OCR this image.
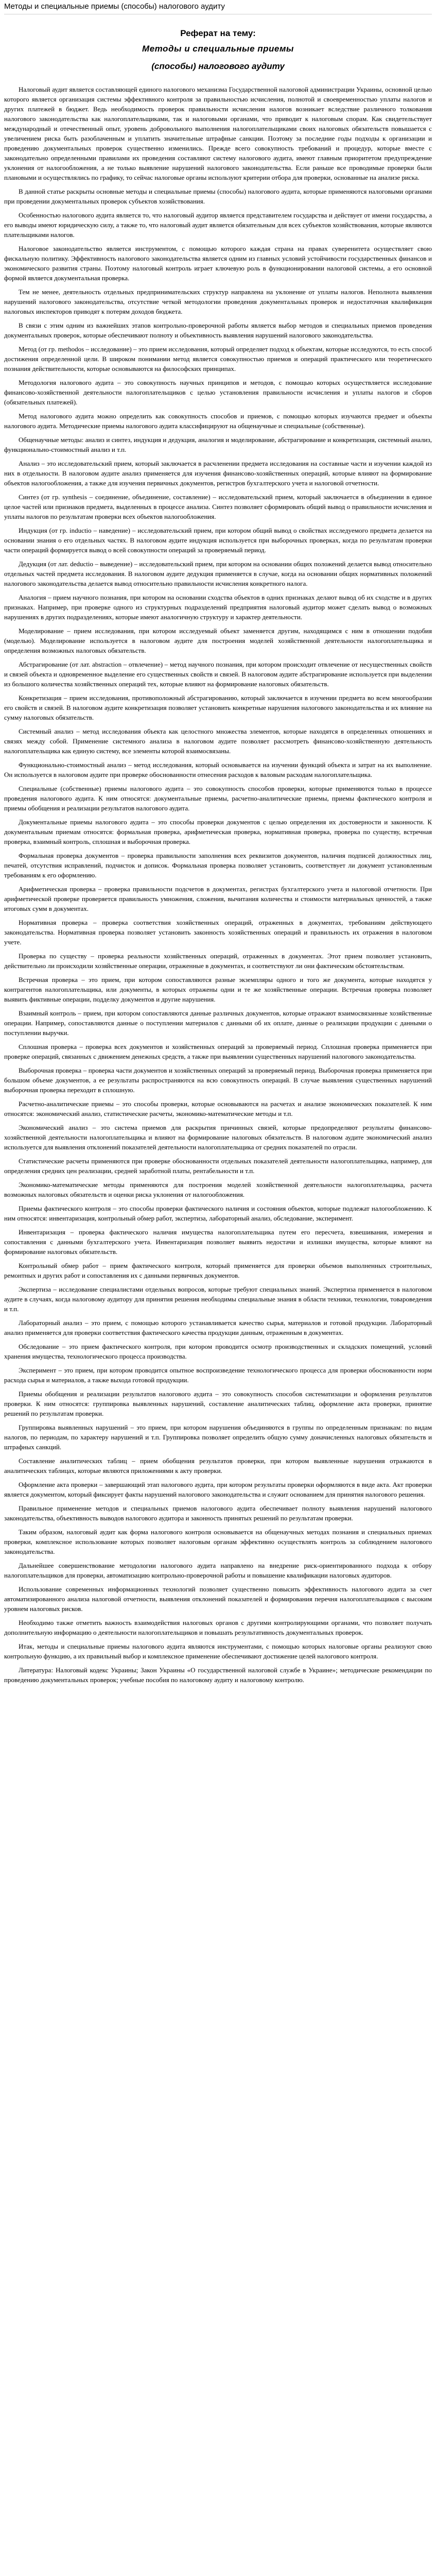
Методы и специальные приемы (способы) налогового аудиту
Реферат на тему:
Методы и специальные приемы
(способы) налогового аудиту

Налоговый аудит является составляющей единого налогового механизма Государственной налоговой администрации Украины, основной целью которого является организация системы эффективного контроля за правильностью исчисления, полнотой и своевременностью уплаты налогов и других платежей в бюджет. Ведь необходимость проверок правильности исчисления налогов возникает вследствие различного толкования налогового законодательства как налогоплательщиками, так и налоговыми органами, что приводит к налоговым спорам. Как свидетельствует международный и отечественный опыт, уровень добровольного выполнения налогоплательщиками своих налоговых обязательств повышается с увеличением риска быть разоблаченным и уплатить значительные штрафные санкции. Поэтому за последние годы подходы к организации и проведению документальных проверок существенно изменились. Прежде всего совокупность требований и процедур, которые вместе с законодательно определенными правилами их проведения составляют систему налогового аудита, имеют главным приоритетом предупреждение уклонения от налогообложения, а не только выявление нарушений налогового законодательства. Если раньше все проводимые проверки были плановыми и осуществлялись по графику, то сейчас налоговые органы используют критерии отбора для проверки, основанные на анализе риска.

В данной статье раскрыты основные методы и специальные приемы (способы) налогового аудита, которые применяются налоговыми органами при проведении документальных проверок субъектов хозяйствования.

Особенностью налогового аудита является то, что налоговый аудитор является представителем государства и действует от имени государства, а его выводы имеют юридическую силу, а также то, что налоговый аудит является обязательным для всех субъектов хозяйствования, которые являются плательщиками налогов.

Налоговое законодательство является инструментом, с помощью которого каждая страна на правах суверенитета осуществляет свою фискальную политику. Эффективность налогового законодательства является одним из главных условий устойчивости государственных финансов и экономического развития страны. Поэтому налоговый контроль играет ключевую роль в функционировании налоговой системы, а его основной формой является документальная проверка.

Тем не менее, деятельность отдельных предпринимательских структур направлена на уклонение от уплаты налогов. Неполнота выявления нарушений налогового законодательства, отсутствие четкой методологии проведения документальных проверок и недостаточная квалификация налоговых инспекторов приводят к потерям доходов бюджета.

В связи с этим одним из важнейших этапов контрольно-проверочной работы является выбор методов и специальных приемов проведения документальных проверок, которые обеспечивают полноту и объективность выявления нарушений налогового законодательства.

Метод (от гр. methodos – исследование) – это прием исследования, который определяет подход к объектам, которые исследуются, то есть способ достижения определенной цели. В широком понимании метод является совокупностью приемов и операций практического или теоретического познания действительности, которые основываются на философских принципах.

Методология налогового аудита – это совокупность научных принципов и методов, с помощью которых осуществляется исследование финансово-хозяйственной деятельности налогоплательщиков с целью установления правильности исчисления и уплаты налогов и сборов (обязательных платежей).

Метод налогового аудита можно определить как совокупность способов и приемов, с помощью которых изучаются предмет и объекты налогового аудита. Методические приемы налогового аудита классифицируют на общенаучные и специальные (собственные).

Общенаучные методы: анализ и синтез, индукция и дедукция, аналогия и моделирование, абстрагирование и конкретизация, системный анализ, функционально-стоимостный анализ и т.п.

Анализ – это исследовательский прием, который заключается в расчленении предмета исследования на составные части и изучении каждой из них в отдельности. В налоговом аудите анализ применяется для изучения финансово-хозяйственных операций, которые влияют на формирование объектов налогообложения, а также для изучения первичных документов, регистров бухгалтерского учета и налоговой отчетности.

Синтез (от гр. synthesis – соединение, объединение, составление) – исследовательский прием, который заключается в объединении в единое целое частей или признаков предмета, выделенных в процессе анализа. Синтез позволяет сформировать общий вывод о правильности исчисления и уплаты налогов по результатам проверки всех объектов налогообложения.

Индукция (от гр. inductio – наведение) – исследовательский прием, при котором общий вывод о свойствах исследуемого предмета делается на основании знания о его отдельных частях. В налоговом аудите индукция используется при выборочных проверках, когда по результатам проверки части операций формируется вывод о всей совокупности операций за проверяемый период.

Дедукция (от лат. deductio – выведение) – исследовательский прием, при котором на основании общих положений делается вывод относительно отдельных частей предмета исследования. В налоговом аудите дедукция применяется в случае, когда на основании общих нормативных положений налогового законодательства делается вывод относительно правильности исчисления конкретного налога.

Аналогия – прием научного познания, при котором на основании сходства объектов в одних признаках делают вывод об их сходстве и в других признаках. Например, при проверке одного из структурных подразделений предприятия налоговый аудитор может сделать вывод о возможных нарушениях в других подразделениях, которые имеют аналогичную структуру и характер деятельности.

Моделирование – прием исследования, при котором исследуемый объект заменяется другим, находящимся с ним в отношении подобия (моделью). Моделирование используется в налоговом аудите для построения моделей хозяйственной деятельности налогоплательщика и определения возможных налоговых обязательств.

Абстрагирование (от лат. abstraction – отвлечение) – метод научного познания, при котором происходит отвлечение от несущественных свойств и связей объекта и одновременное выделение его существенных свойств и связей. В налоговом аудите абстрагирование используется при выделении из большого количества хозяйственных операций тех, которые влияют на формирование налоговых обязательств.

Конкретизация – прием исследования, противоположный абстрагированию, который заключается в изучении предмета во всем многообразии его свойств и связей. В налоговом аудите конкретизация позволяет установить конкретные нарушения налогового законодательства и их влияние на сумму налоговых обязательств.

Системный анализ – метод исследования объекта как целостного множества элементов, которые находятся в определенных отношениях и связях между собой. Применение системного анализа в налоговом аудите позволяет рассмотреть финансово-хозяйственную деятельность налогоплательщика как единую систему, все элементы которой взаимосвязаны.

Функционально-стоимостный анализ – метод исследования, который основывается на изучении функций объекта и затрат на их выполнение. Он используется в налоговом аудите при проверке обоснованности отнесения расходов к валовым расходам налогоплательщика.

Специальные (собственные) приемы налогового аудита – это совокупность способов проверки, которые применяются только в процессе проведения налогового аудита. К ним относятся: документальные приемы, расчетно-аналитические приемы, приемы фактического контроля и приемы обобщения и реализации результатов налогового аудита.

Документальные приемы налогового аудита – это способы проверки документов с целью определения их достоверности и законности. К документальным приемам относятся: формальная проверка, арифметическая проверка, нормативная проверка, проверка по существу, встречная проверка, взаимный контроль, сплошная и выборочная проверка.

Формальная проверка документов – проверка правильности заполнения всех реквизитов документов, наличия подписей должностных лиц, печатей, отсутствия исправлений, подчисток и дописок. Формальная проверка позволяет установить, соответствует ли документ установленным требованиям к его оформлению.

Арифметическая проверка – проверка правильности подсчетов в документах, регистрах бухгалтерского учета и налоговой отчетности. При арифметической проверке проверяется правильность умножения, сложения, вычитания количества и стоимости материальных ценностей, а также итоговых сумм в документах.

Нормативная проверка – проверка соответствия хозяйственных операций, отраженных в документах, требованиям действующего законодательства. Нормативная проверка позволяет установить законность хозяйственных операций и правильность их отражения в налоговом учете.

Проверка по существу – проверка реальности хозяйственных операций, отраженных в документах. Этот прием позволяет установить, действительно ли происходили хозяйственные операции, отраженные в документах, и соответствуют ли они фактическим обстоятельствам.

Встречная проверка – это прием, при котором сопоставляются разные экземпляры одного и того же документа, которые находятся у контрагентов налогоплательщика, или документы, в которых отражены одни и те же хозяйственные операции. Встречная проверка позволяет выявить фиктивные операции, подделку документов и другие нарушения.

Взаимный контроль – прием, при котором сопоставляются данные различных документов, которые отражают взаимосвязанные хозяйственные операции. Например, сопоставляются данные о поступлении материалов с данными об их оплате, данные о реализации продукции с данными о поступлении выручки.

Сплошная проверка – проверка всех документов и хозяйственных операций за проверяемый период. Сплошная проверка применяется при проверке операций, связанных с движением денежных средств, а также при выявлении существенных нарушений налогового законодательства.

Выборочная проверка – проверка части документов и хозяйственных операций за проверяемый период. Выборочная проверка применяется при большом объеме документов, а ее результаты распространяются на всю совокупность операций. В случае выявления существенных нарушений выборочная проверка переходит в сплошную.

Расчетно-аналитические приемы – это способы проверки, которые основываются на расчетах и анализе экономических показателей. К ним относятся: экономический анализ, статистические расчеты, экономико-математические методы и т.п.

Экономический анализ – это система приемов для раскрытия причинных связей, которые предопределяют результаты финансово-хозяйственной деятельности налогоплательщика и влияют на формирование налоговых обязательств. В налоговом аудите экономический анализ используется для выявления отклонений показателей деятельности налогоплательщика от средних показателей по отрасли.

Статистические расчеты применяются при проверке обоснованности отдельных показателей деятельности налогоплательщика, например, для определения средних цен реализации, средней заработной платы, рентабельности и т.п.

Экономико-математические методы применяются для построения моделей хозяйственной деятельности налогоплательщика, расчета возможных налоговых обязательств и оценки риска уклонения от налогообложения.

Приемы фактического контроля – это способы проверки фактического наличия и состояния объектов, которые подлежат налогообложению. К ним относятся: инвентаризация, контрольный обмер работ, экспертиза, лабораторный анализ, обследование, эксперимент.

Инвентаризация – проверка фактического наличия имущества налогоплательщика путем его пересчета, взвешивания, измерения и сопоставления с данными бухгалтерского учета. Инвентаризация позволяет выявить недостачи и излишки имущества, которые влияют на формирование налоговых обязательств.

Контрольный обмер работ – прием фактического контроля, который применяется для проверки объемов выполненных строительных, ремонтных и других работ и сопоставления их с данными первичных документов.

Экспертиза – исследование специалистами отдельных вопросов, которые требуют специальных знаний. Экспертиза применяется в налоговом аудите в случаях, когда налоговому аудитору для принятия решения необходимы специальные знания в области техники, технологии, товароведения и т.п.

Лабораторный анализ – это прием, с помощью которого устанавливается качество сырья, материалов и готовой продукции. Лабораторный анализ применяется для проверки соответствия фактического качества продукции данным, отраженным в документах.

Обследование – это прием фактического контроля, при котором проводится осмотр производственных и складских помещений, условий хранения имущества, технологического процесса производства.

Эксперимент – это прием, при котором проводится опытное воспроизведение технологического процесса для проверки обоснованности норм расхода сырья и материалов, а также выхода готовой продукции.

Приемы обобщения и реализации результатов налогового аудита – это совокупность способов систематизации и оформления результатов проверки. К ним относятся: группировка выявленных нарушений, составление аналитических таблиц, оформление акта проверки, принятие решений по результатам проверки.

Группировка выявленных нарушений – это прием, при котором нарушения объединяются в группы по определенным признакам: по видам налогов, по периодам, по характеру нарушений и т.п. Группировка позволяет определить общую сумму доначисленных налоговых обязательств и штрафных санкций.

Составление аналитических таблиц – прием обобщения результатов проверки, при котором выявленные нарушения отражаются в аналитических таблицах, которые являются приложениями к акту проверки.

Оформление акта проверки – завершающий этап налогового аудита, при котором результаты проверки оформляются в виде акта. Акт проверки является документом, который фиксирует факты нарушений налогового законодательства и служит основанием для принятия налогового решения.

Правильное применение методов и специальных приемов налогового аудита обеспечивает полноту выявления нарушений налогового законодательства, объективность выводов налогового аудитора и законность принятых решений по результатам проверки.

Таким образом, налоговый аудит как форма налогового контроля основывается на общенаучных методах познания и специальных приемах проверки, комплексное использование которых позволяет налоговым органам эффективно осуществлять контроль за соблюдением налогового законодательства.

Дальнейшее совершенствование методологии налогового аудита направлено на внедрение риск-ориентированного подхода к отбору налогоплательщиков для проверки, автоматизацию контрольно-проверочной работы и повышение квалификации налоговых аудиторов.

Использование современных информационных технологий позволяет существенно повысить эффективность налогового аудита за счет автоматизированного анализа налоговой отчетности, выявления отклонений показателей и формирования перечня налогоплательщиков с высоким уровнем налоговых рисков.

Необходимо также отметить важность взаимодействия налоговых органов с другими контролирующими органами, что позволяет получать дополнительную информацию о деятельности налогоплательщиков и повышать результативность документальных проверок.

Итак, методы и специальные приемы налогового аудита являются инструментами, с помощью которых налоговые органы реализуют свою контрольную функцию, а их правильный выбор и комплексное применение обеспечивают достижение целей налогового контроля.

Литература: Налоговый кодекс Украины; Закон Украины «О государственной налоговой службе в Украине»; методические рекомендации по проведению документальных проверок; учебные пособия по налоговому аудиту и налоговому контролю.
